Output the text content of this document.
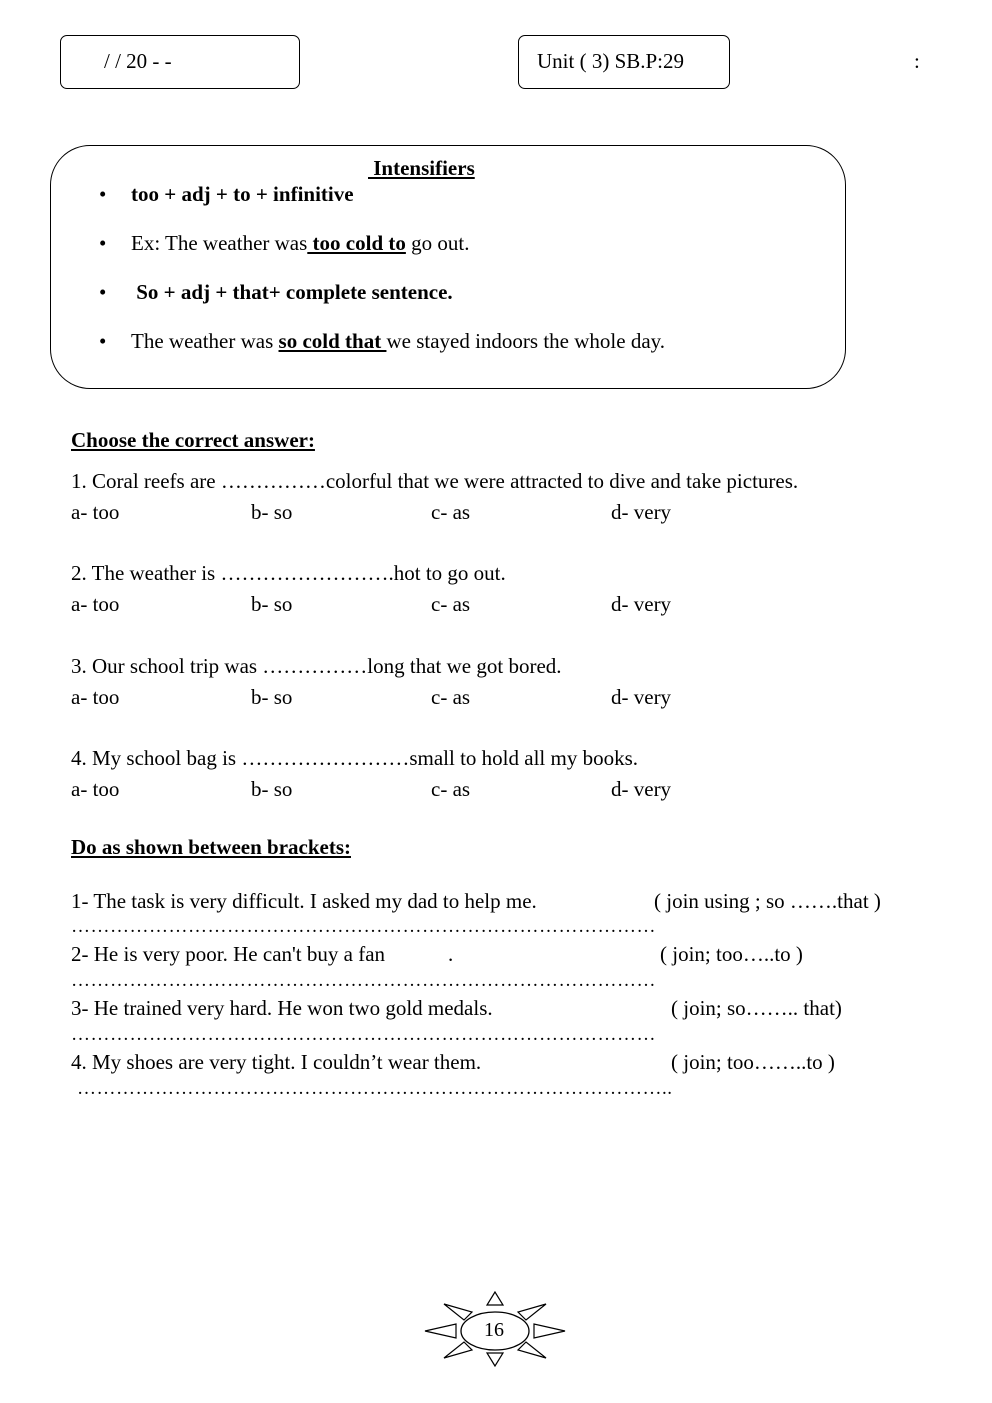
/ / 20 - -	Unit ( 3) SB.P:29	:
Intensifiers
• too + adj + to + infinitive
• Ex: The weather was too cold to go out.
• So + adj + that+ complete sentence.
• The weather was so cold that we stayed indoors the whole day.
Choose the correct answer:
1. Coral reefs are ……………colorful that we were attracted to dive and take pictures.
a- too	b- so	c- as	d- very
2. The weather is …………………….hot to go out.
a- too	b- so	c- as	d- very
3. Our school trip was ……………long that we got bored.
a- too	b- so	c- as	d- very
4. My school bag is ……………………small to hold all my books.
a- too	b- so	c- as	d- very
Do as shown between brackets:
1- The task is very difficult. I asked my dad to help me.	( join using ; so …….that )
………………………………………………………………………………
2- He is very poor. He can't buy a fan            .	( join; too…..to )
………………………………………………………………………………
3- He trained very hard. He won two gold medals.	( join; so…….. that)
………………………………………………………………………………
4. My shoes are very tight. I couldn’t wear them.	( join; too……..to )
………………………………………………………………………………..
16
